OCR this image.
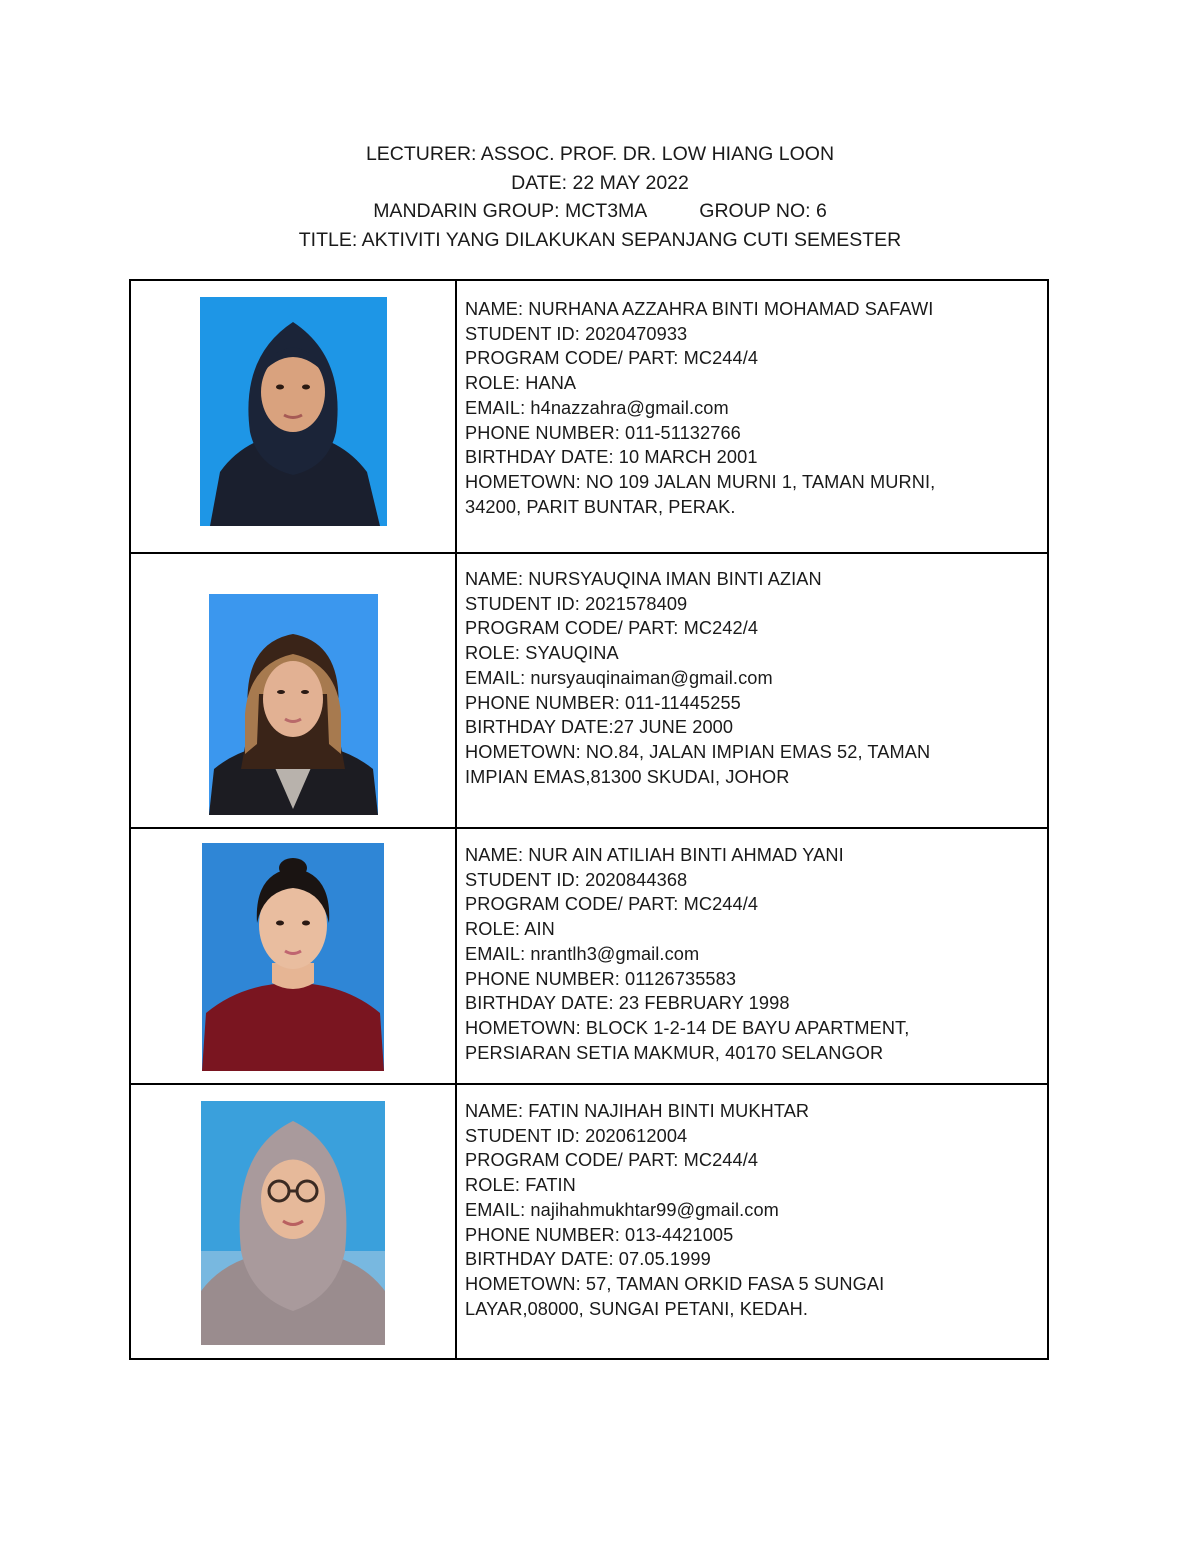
LECTURER: ASSOC. PROF. DR. LOW HIANG LOON
DATE: 22 MAY 2022
MANDARIN GROUP: MCT3MA	GROUP NO: 6
TITLE: AKTIVITI YANG DILAKUKAN SEPANJANG CUTI SEMESTER
NAME: NURHANA AZZAHRA BINTI MOHAMAD SAFAWI
STUDENT ID: 2020470933
PROGRAM CODE/ PART: MC244/4
ROLE: HANA
EMAIL: h4nazzahra@gmail.com
PHONE NUMBER: 011-51132766
BIRTHDAY DATE: 10 MARCH 2001
HOMETOWN: NO 109 JALAN MURNI 1, TAMAN MURNI,
34200, PARIT BUNTAR, PERAK.
NAME: NURSYAUQINA IMAN BINTI AZIAN
STUDENT ID: 2021578409
PROGRAM CODE/ PART: MC242/4
ROLE: SYAUQINA
EMAIL: nursyauqinaiman@gmail.com
PHONE NUMBER: 011-11445255
BIRTHDAY DATE:27 JUNE 2000
HOMETOWN: NO.84, JALAN IMPIAN EMAS 52, TAMAN
IMPIAN EMAS,81300 SKUDAI, JOHOR
NAME: NUR AIN ATILIAH BINTI AHMAD YANI
STUDENT ID: 2020844368
PROGRAM CODE/ PART: MC244/4
ROLE: AIN
EMAIL: nrantlh3@gmail.com
PHONE NUMBER: 01126735583
BIRTHDAY DATE: 23 FEBRUARY 1998
HOMETOWN: BLOCK 1-2-14 DE BAYU APARTMENT,
PERSIARAN SETIA MAKMUR, 40170 SELANGOR
NAME: FATIN NAJIHAH BINTI MUKHTAR
STUDENT ID: 2020612004
PROGRAM CODE/ PART: MC244/4
ROLE: FATIN
EMAIL: najihahmukhtar99@gmail.com
PHONE NUMBER: 013-4421005
BIRTHDAY DATE: 07.05.1999
HOMETOWN: 57, TAMAN ORKID FASA 5 SUNGAI
LAYAR,08000, SUNGAI PETANI, KEDAH.
